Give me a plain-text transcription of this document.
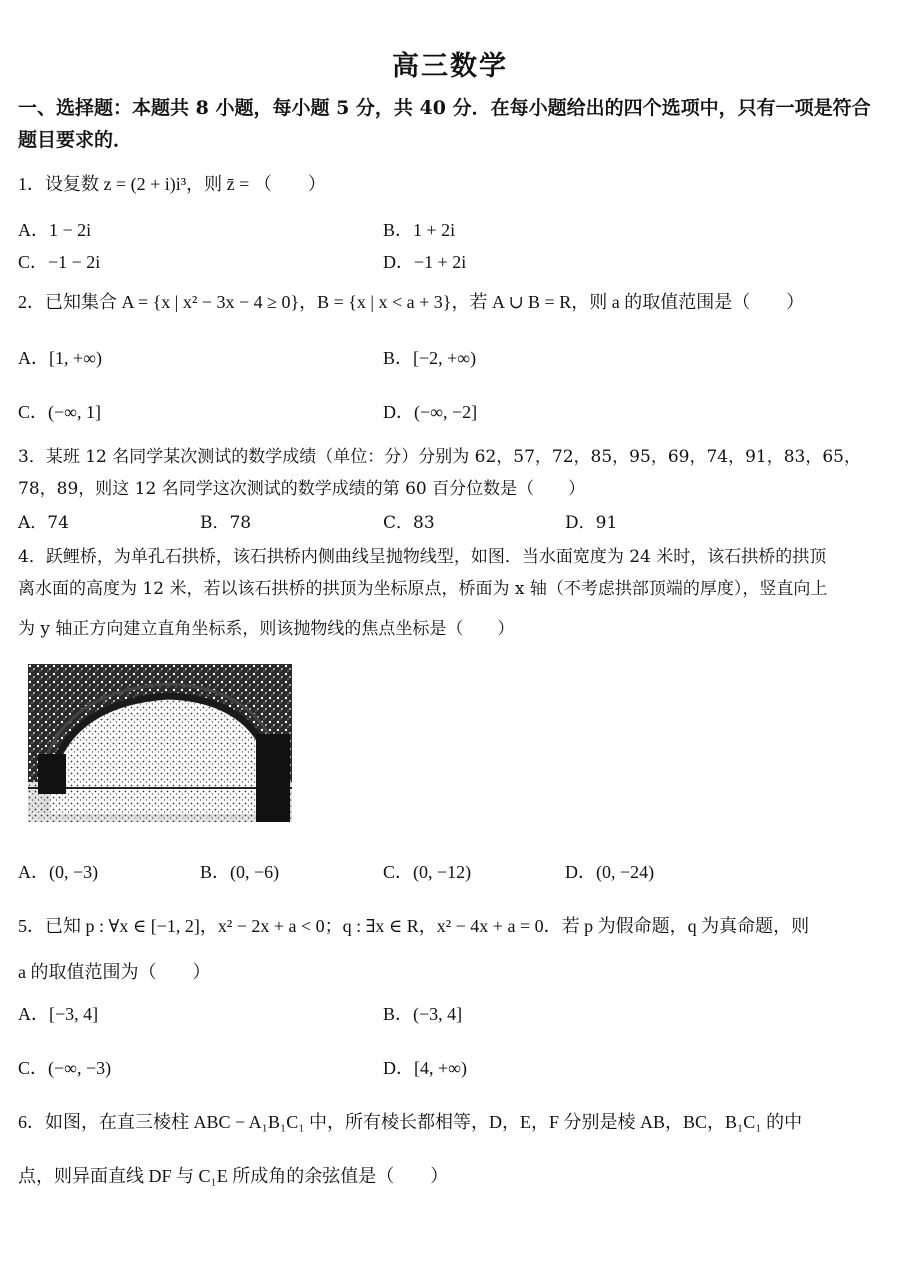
高三数学
一、选择题：本题共 8 小题，每小题 5 分，共 40 分．在每小题给出的四个选项中，只有一项是符合题目要求的．
1．设复数 z = (2 + i)i³，则 z̄ = （　　）
A．1 − 2i	B．1 + 2i
C．−1 − 2i	D．−1 + 2i
2．已知集合 A = {x | x² − 3x − 4 ≥ 0}，B = {x | x < a + 3}，若 A ∪ B = R，则 a 的取值范围是（　　）
A．[1, +∞)	B．[−2, +∞)
C．(−∞, 1]	D．(−∞, −2]
3．某班 12 名同学某次测试的数学成绩（单位：分）分别为 62，57，72，85，95，69，74，91，83，65，
78，89，则这 12 名同学这次测试的数学成绩的第 60 百分位数是（　　）
A．74	B．78	C．83	D．91
4．跃鲤桥，为单孔石拱桥，该石拱桥内侧曲线呈抛物线型，如图．当水面宽度为 24 米时，该石拱桥的拱顶
离水面的高度为 12 米，若以该石拱桥的拱顶为坐标原点，桥面为 x 轴（不考虑拱部顶端的厚度），竖直向上
为 y 轴正方向建立直角坐标系，则该抛物线的焦点坐标是（　　）
A．(0, −3)	B．(0, −6)	C．(0, −12)	D．(0, −24)
5．已知 p : ∀x ∈ [−1, 2]，x² − 2x + a < 0；q : ∃x ∈ R，x² − 4x + a = 0．若 p 为假命题，q 为真命题，则
a 的取值范围为（　　）
A．[−3, 4]	B．(−3, 4]
C．(−∞, −3)	D．[4, +∞)
6．如图，在直三棱柱 ABC − A₁B₁C₁ 中，所有棱长都相等，D，E，F 分别是棱 AB，BC，B₁C₁ 的中
点，则异面直线 DF 与 C₁E 所成角的余弦值是（　　）
